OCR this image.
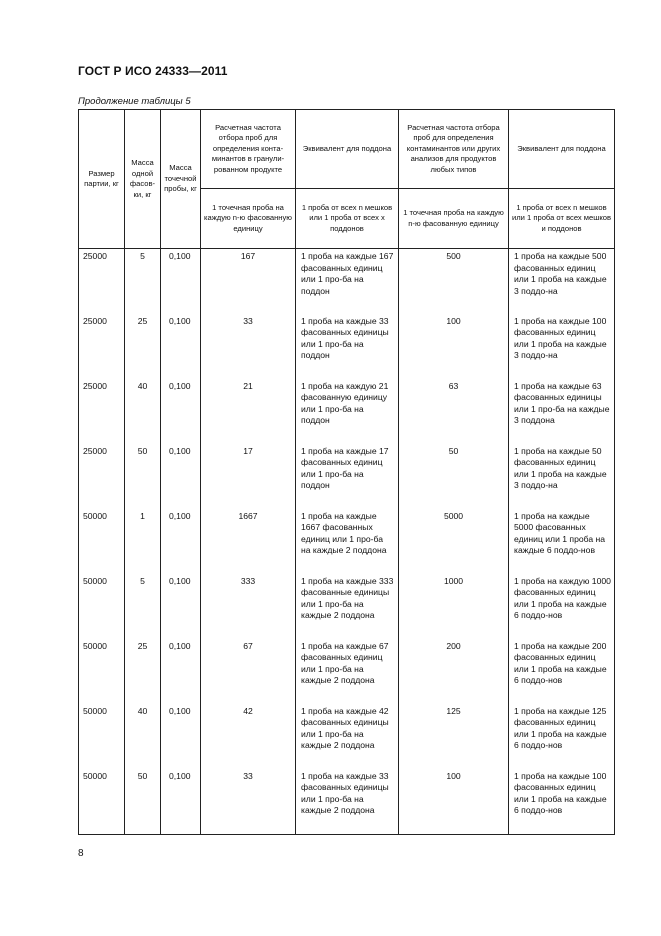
ГОСТ Р ИСО 24333—2011
Продолжение таблицы 5
Размер партии, кг	Масса одной фасов-ки, кг	Масса точечной пробы, кг	Расчетная частота отбора проб для определения конта-минантов в гранули-рованном продукте	Эквивалент для поддона	Расчетная частота отбора проб для определения контаминантов или других анализов для продуктов любых типов	Эквивалент для поддона
			1 точечная проба на каждую n-ю фасованную единицу	1 проба от всех n мешков или 1 проба от всех x поддонов	1 точечная проба на каждую n-ю фасованную единицу	1 проба от всех n мешков или 1 проба от всех мешков и поддонов
25000	5	0,100	167	1 проба на каждые 167 фасованных единиц или 1 про-ба на поддон	500	1 проба на каждые 500 фасованных единиц или 1 проба на каждые 3 поддо-на
25000	25	0,100	33	1 проба на каждые 33 фасованных единицы или 1 про-ба на поддон	100	1 проба на каждые 100 фасованных единиц или 1 проба на каждые 3 поддо-на
25000	40	0,100	21	1 проба на каждую 21 фасованную единицу или 1 про-ба на поддон	63	1 проба на каждые 63 фасованных единицы или 1 про-ба на каждые 3 поддона
25000	50	0,100	17	1 проба на каждые 17 фасованных единиц или 1 про-ба на поддон	50	1 проба на каждые 50 фасованных единиц или 1 проба на каждые 3 поддо-на
50000	1	0,100	1667	1 проба на каждые 1667 фасованных единиц или 1 про-ба на каждые 2 поддона	5000	1 проба на каждые 5000 фасованных единиц или 1 проба на каждые 6 поддо-нов
50000	5	0,100	333	1 проба на каждые 333 фасованные единицы или 1 про-ба на каждые 2 поддона	1000	1 проба на каждую 1000 фасованных единиц или 1 проба на каждые 6 поддо-нов
50000	25	0,100	67	1 проба на каждые 67 фасованных единиц или 1 про-ба на каждые 2 поддона	200	1 проба на каждые 200 фасованных единиц или 1 проба на каждые 6 поддо-нов
50000	40	0,100	42	1 проба на каждые 42 фасованных единицы или 1 про-ба на каждые 2 поддона	125	1 проба на каждые 125 фасованных единиц или 1 проба на каждые 6 поддо-нов
50000	50	0,100	33	1 проба на каждые 33 фасованных единицы или 1 про-ба на каждые 2 поддона	100	1 проба на каждые 100 фасованных единиц или 1 проба на каждые 6 поддо-нов
8
